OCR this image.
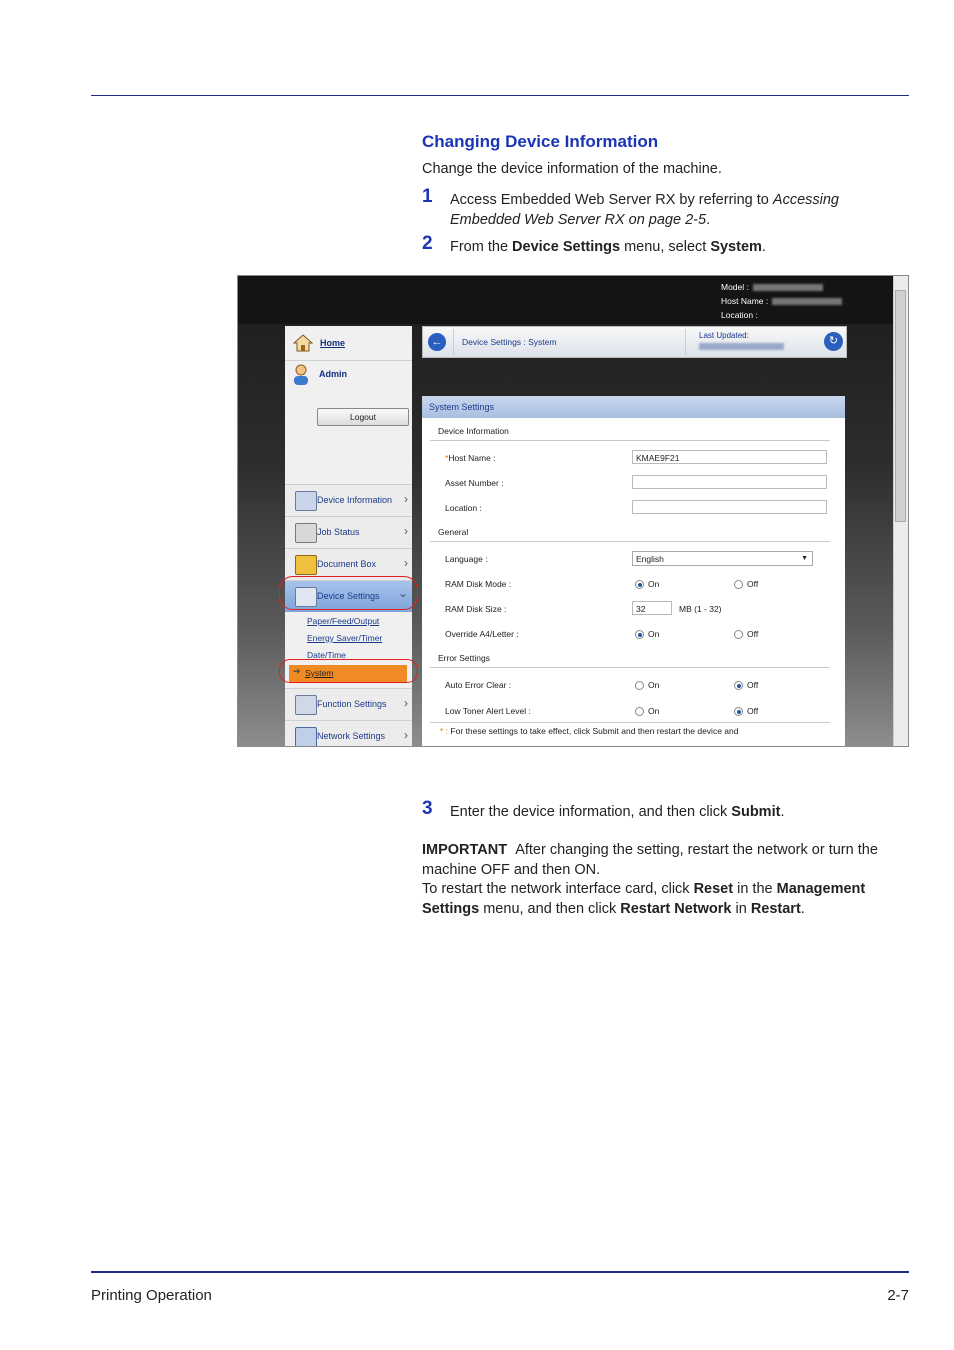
Changing Device Information
Change the device information of the machine.
1 Access Embedded Web Server RX by referring to Accessing Embedded Web Server RX on page 2-5.
2 From the Device Settings menu, select System.
Model :
Host Name :
Location :
Home
Admin
Logout
Device Information ›
Job Status	›
Document Box ›
Device Settings ⌄
Paper/Feed/Output
Energy Saver/Timer
Date/Time
➔ System
Function Settings ›
Network Settings ›
←	Device Settings : System
Last Updated:	↻
System Settings
Device Information
*Host Name :	KMAE9F21
Asset Number :
Location :
General
Language :	English	▼
RAM Disk Mode :	On	Off
RAM Disk Size :	32	MB (1 - 32)
Override A4/Letter :	On	Off
Error Settings
Auto Error Clear :	On	Off
Low Toner Alert Level :	On	Off
* : For these settings to take effect, click Submit and then restart the device and
3 Enter the device information, and then click Submit.
IMPORTANT After changing the setting, restart the network or turn the machine OFF and then ON.
To restart the network interface card, click Reset in the Management Settings menu, and then click Restart Network in Restart.
Printing Operation	2-7
